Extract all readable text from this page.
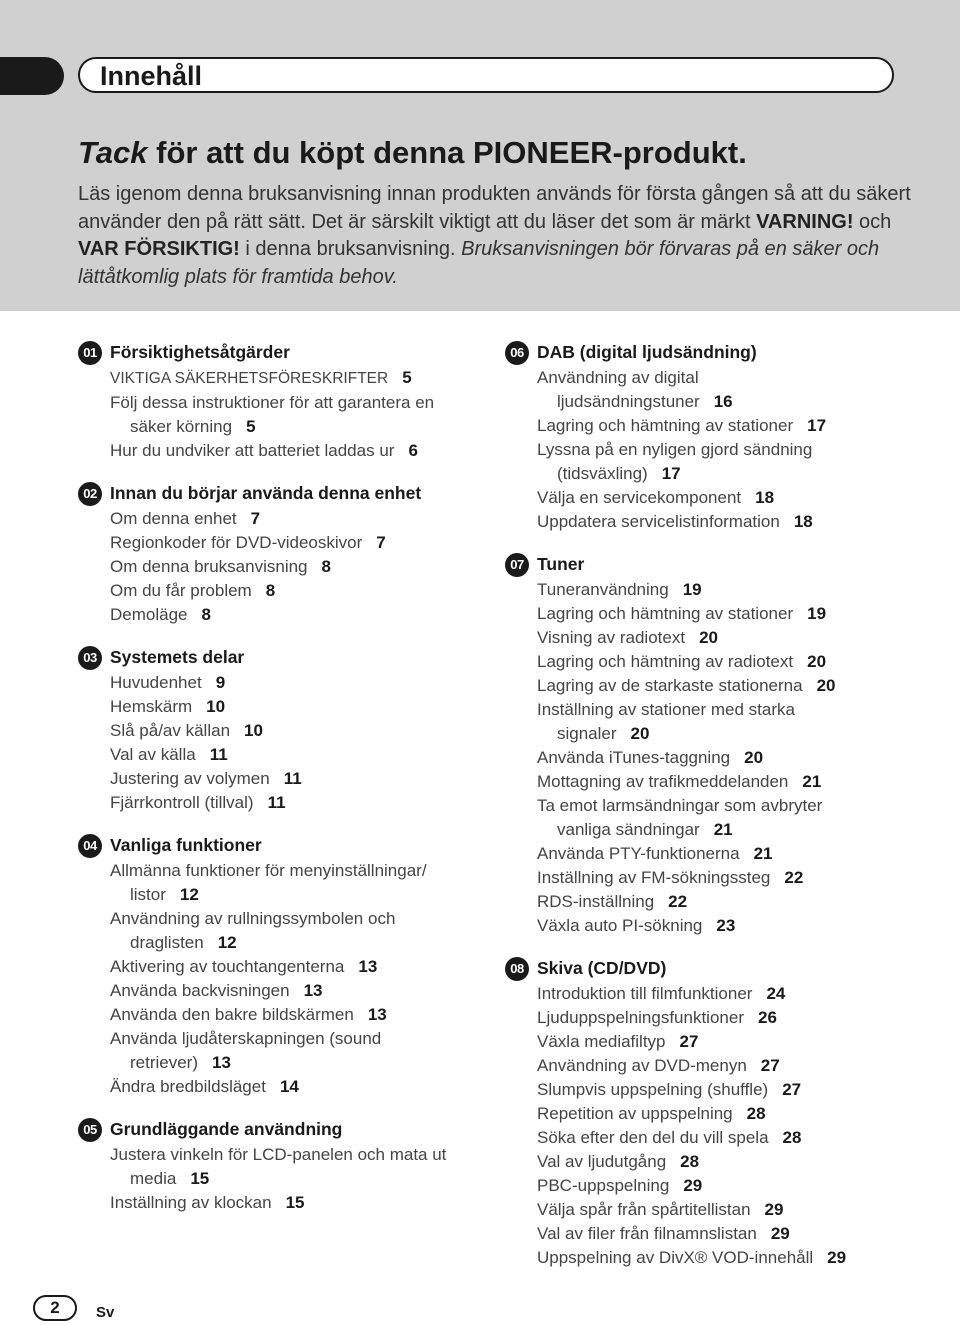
Innehåll
Tack för att du köpt denna PIONEER-produkt.

Läs igenom denna bruksanvisning innan produkten används för första gången så att du säkert använder den på rätt sätt. Det är särskilt viktigt att du läser det som är märkt VARNING! och VAR FÖRSIKTIG! i denna bruksanvisning. Bruksanvisningen bör förvaras på en säker och lättåtkomlig plats för framtida behov.

01 Försiktighetsåtgärder
VIKTIGA SÄKERHETSFÖRESKRIFTER 5
Följ dessa instruktioner för att garantera en
säker körning 5
Hur du undviker att batteriet laddas ur 6
02 Innan du börjar använda denna enhet
Om denna enhet 7
Regionkoder för DVD-videoskivor 7
Om denna bruksanvisning 8
Om du får problem 8
Demoläge 8
03 Systemets delar
Huvudenhet 9
Hemskärm 10
Slå på/av källan 10
Val av källa 11
Justering av volymen 11
Fjärrkontroll (tillval) 11
04 Vanliga funktioner
Allmänna funktioner för menyinställningar/
listor 12
Användning av rullningssymbolen och
draglisten 12
Aktivering av touchtangenterna 13
Använda backvisningen 13
Använda den bakre bildskärmen 13
Använda ljudåterskapningen (sound
retriever) 13
Ändra bredbildsläget 14
05 Grundläggande användning
Justera vinkeln för LCD-panelen och mata ut
media 15
Inställning av klockan 15
06 DAB (digital ljudsändning)
Användning av digital
ljudsändningstuner 16
Lagring och hämtning av stationer 17
Lyssna på en nyligen gjord sändning
(tidsväxling) 17
Välja en servicekomponent 18
Uppdatera servicelistinformation 18
07 Tuner
Tuneranvändning 19
Lagring och hämtning av stationer 19
Visning av radiotext 20
Lagring och hämtning av radiotext 20
Lagring av de starkaste stationerna 20
Inställning av stationer med starka
signaler 20
Använda iTunes-taggning 20
Mottagning av trafikmeddelanden 21
Ta emot larmsändningar som avbryter
vanliga sändningar 21
Använda PTY-funktionerna 21
Inställning av FM-sökningssteg 22
RDS-inställning 22
Växla auto PI-sökning 23
08 Skiva (CD/DVD)
Introduktion till filmfunktioner 24
Ljuduppspelningsfunktioner 26
Växla mediafiltyp 27
Användning av DVD-menyn 27
Slumpvis uppspelning (shuffle) 27
Repetition av uppspelning 28
Söka efter den del du vill spela 28
Val av ljudutgång 28
PBC-uppspelning 29
Välja spår från spårtitellistan 29
Val av filer från filnamnslistan 29
Uppspelning av DivX® VOD-innehåll 29
2	Sv
